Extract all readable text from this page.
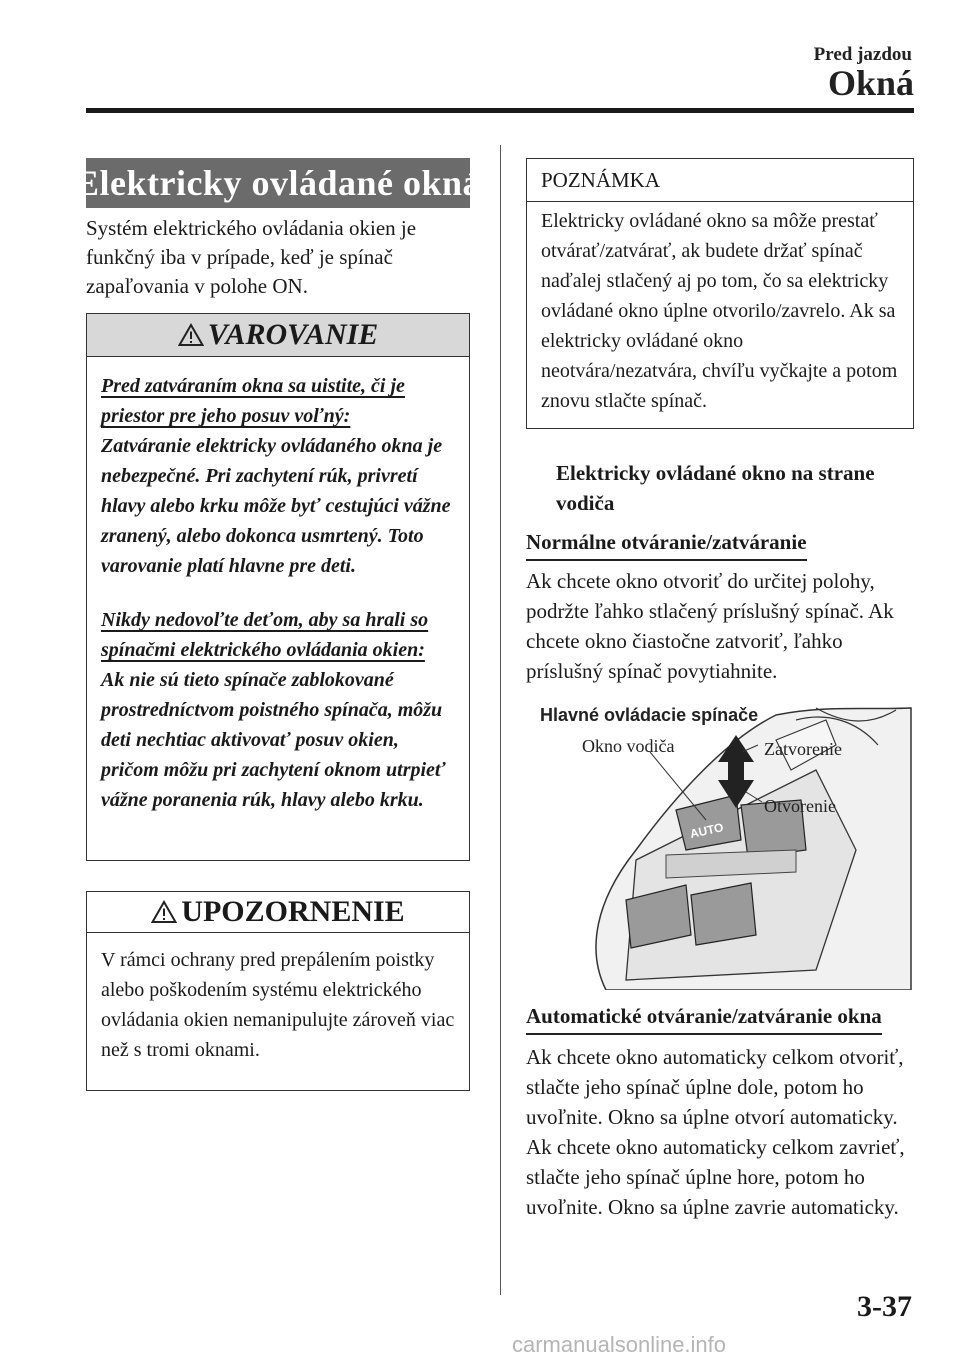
Pred jazdou
Okná
Elektricky ovládané okná

Systém elektrického ovládania okien je funkčný iba v prípade, keď je spínač zapaľovania v polohe ON.

VAROVANIE

Pred zatváraním okna sa uistite, či je priestor pre jeho posuv voľný:

Zatváranie elektricky ovládaného okna je nebezpečné. Pri zachytení rúk, privretí hlavy alebo krku môže byť cestujúci vážne zranený, alebo dokonca usmrtený. Toto varovanie platí hlavne pre deti.

Nikdy nedovoľte deťom, aby sa hrali so spínačmi elektrického ovládania okien:

Ak nie sú tieto spínače zablokované prostredníctvom poistného spínača, môžu deti nechtiac aktivovať posuv okien, pričom môžu pri zachytení oknom utrpieť vážne poranenia rúk, hlavy alebo krku.

UPOZORNENIE

V rámci ochrany pred prepálením poistky alebo poškodením systému elektrického ovládania okien nemanipulujte zároveň viac než s tromi oknami.

POZNÁMKA

Elektricky ovládané okno sa môže prestať otvárať/zatvárať, ak budete držať spínač naďalej stlačený aj po tom, čo sa elektricky ovládané okno úplne otvorilo/zavrelo. Ak sa elektricky ovládané okno neotvára/nezatvára, chvíľu vyčkajte a potom znovu stlačte spínač.

Elektricky ovládané okno na strane vodiča
Normálne otváranie/zatváranie

Ak chcete okno otvoriť do určitej polohy, podržte ľahko stlačený príslušný spínač. Ak chcete okno čiastočne zatvoriť, ľahko príslušný spínač povytiahnite.

AUTO
Hlavné ovládacie spínače
Okno vodiča	Zatvorenie
Otvorenie
Automatické otváranie/zatváranie okna

Ak chcete okno automaticky celkom otvoriť, stlačte jeho spínač úplne dole, potom ho uvoľnite. Okno sa úplne otvorí automaticky.

Ak chcete okno automaticky celkom zavrieť, stlačte jeho spínač úplne hore, potom ho uvoľnite. Okno sa úplne zavrie automaticky.

3-37
carmanualsonline.info
